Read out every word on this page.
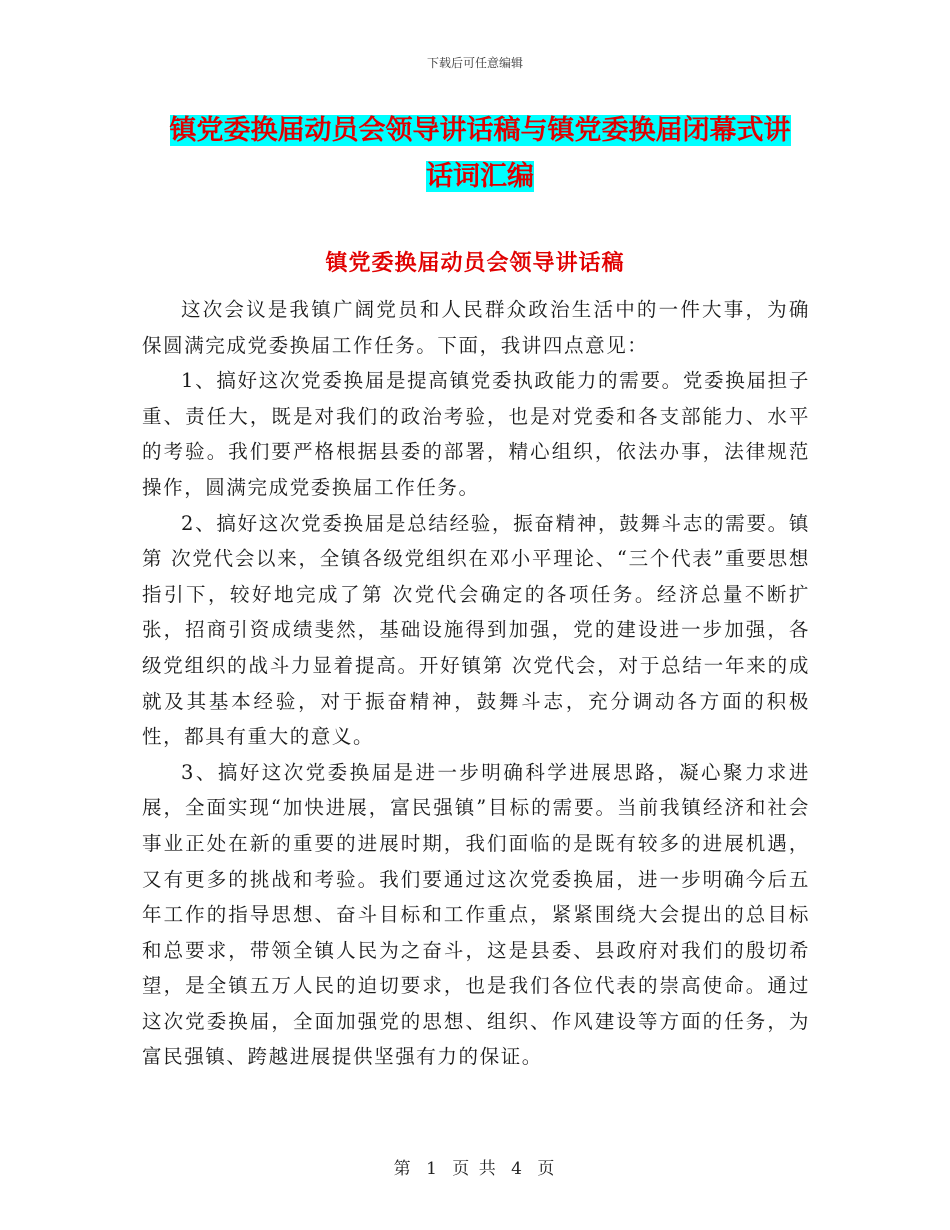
下载后可任意编辑
镇党委换届动员会领导讲话稿与镇党委换届闭幕式讲
话词汇编
镇党委换届动员会领导讲话稿

这次会议是我镇广阔党员和人民群众政治生活中的一件大事，为确保圆满完成党委换届工作任务。下面，我讲四点意见：

1、搞好这次党委换届是提高镇党委执政能力的需要。党委换届担子重、责任大，既是对我们的政治考验，也是对党委和各支部能力、水平的考验。我们要严格根据县委的部署，精心组织，依法办事，法律规范操作，圆满完成党委换届工作任务。

2、搞好这次党委换届是总结经验，振奋精神，鼓舞斗志的需要。镇第 次党代会以来，全镇各级党组织在邓小平理论、“三个代表”重要思想指引下，较好地完成了第 次党代会确定的各项任务。经济总量不断扩张，招商引资成绩斐然，基础设施得到加强，党的建设进一步加强，各级党组织的战斗力显着提高。开好镇第 次党代会，对于总结一年来的成就及其基本经验，对于振奋精神，鼓舞斗志，充分调动各方面的积极性，都具有重大的意义。

3、搞好这次党委换届是进一步明确科学进展思路，凝心聚力求进展，全面实现“加快进展，富民强镇”目标的需要。当前我镇经济和社会事业正处在新的重要的进展时期，我们面临的是既有较多的进展机遇，又有更多的挑战和考验。我们要通过这次党委换届，进一步明确今后五年工作的指导思想、奋斗目标和工作重点，紧紧围绕大会提出的总目标和总要求，带领全镇人民为之奋斗，这是县委、县政府对我们的殷切希望，是全镇五万人民的迫切要求，也是我们各位代表的崇高使命。通过这次党委换届，全面加强党的思想、组织、作风建设等方面的任务，为富民强镇、跨越进展提供坚强有力的保证。

第 1 页 共 4 页
